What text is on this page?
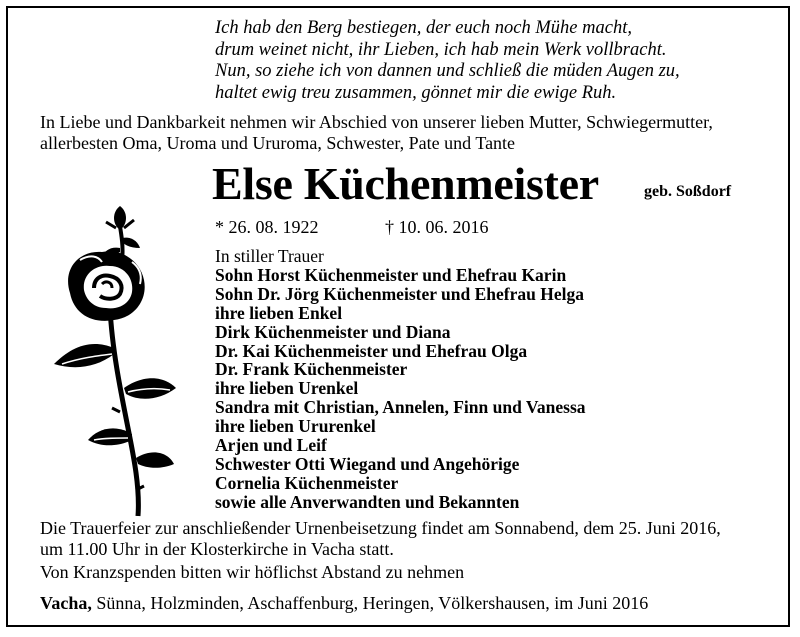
Ich hab den Berg bestiegen, der euch noch Mühe macht,
drum weinet nicht, ihr Lieben, ich hab mein Werk vollbracht.
Nun, so ziehe ich von dannen und schließ die müden Augen zu,
haltet ewig treu zusammen, gönnet mir die ewige Ruh.
In Liebe und Dankbarkeit nehmen wir Abschied von unserer lieben Mutter, Schwiegermutter,
allerbesten Oma, Uroma und Ururoma, Schwester, Pate und Tante
Else Küchenmeister	geb. Soßdorf
* 26. 08. 1922	† 10. 06. 2016
In stiller Trauer
Sohn Horst Küchenmeister und Ehefrau Karin
Sohn Dr. Jörg Küchenmeister und Ehefrau Helga
ihre lieben Enkel
Dirk Küchenmeister und Diana
Dr. Kai Küchenmeister und Ehefrau Olga
Dr. Frank Küchenmeister
ihre lieben Urenkel
Sandra mit Christian, Annelen, Finn und Vanessa
ihre lieben Ururenkel
Arjen und Leif
Schwester Otti Wiegand und Angehörige
Cornelia Küchenmeister
sowie alle Anverwandten und Bekannten
Die Trauerfeier zur anschließender Urnenbeisetzung findet am Sonnabend, dem 25. Juni 2016,
um 11.00 Uhr in der Klosterkirche in Vacha statt.
Von Kranzspenden bitten wir höflichst Abstand zu nehmen
Vacha, Sünna, Holzminden, Aschaffenburg, Heringen, Völkershausen, im Juni 2016
